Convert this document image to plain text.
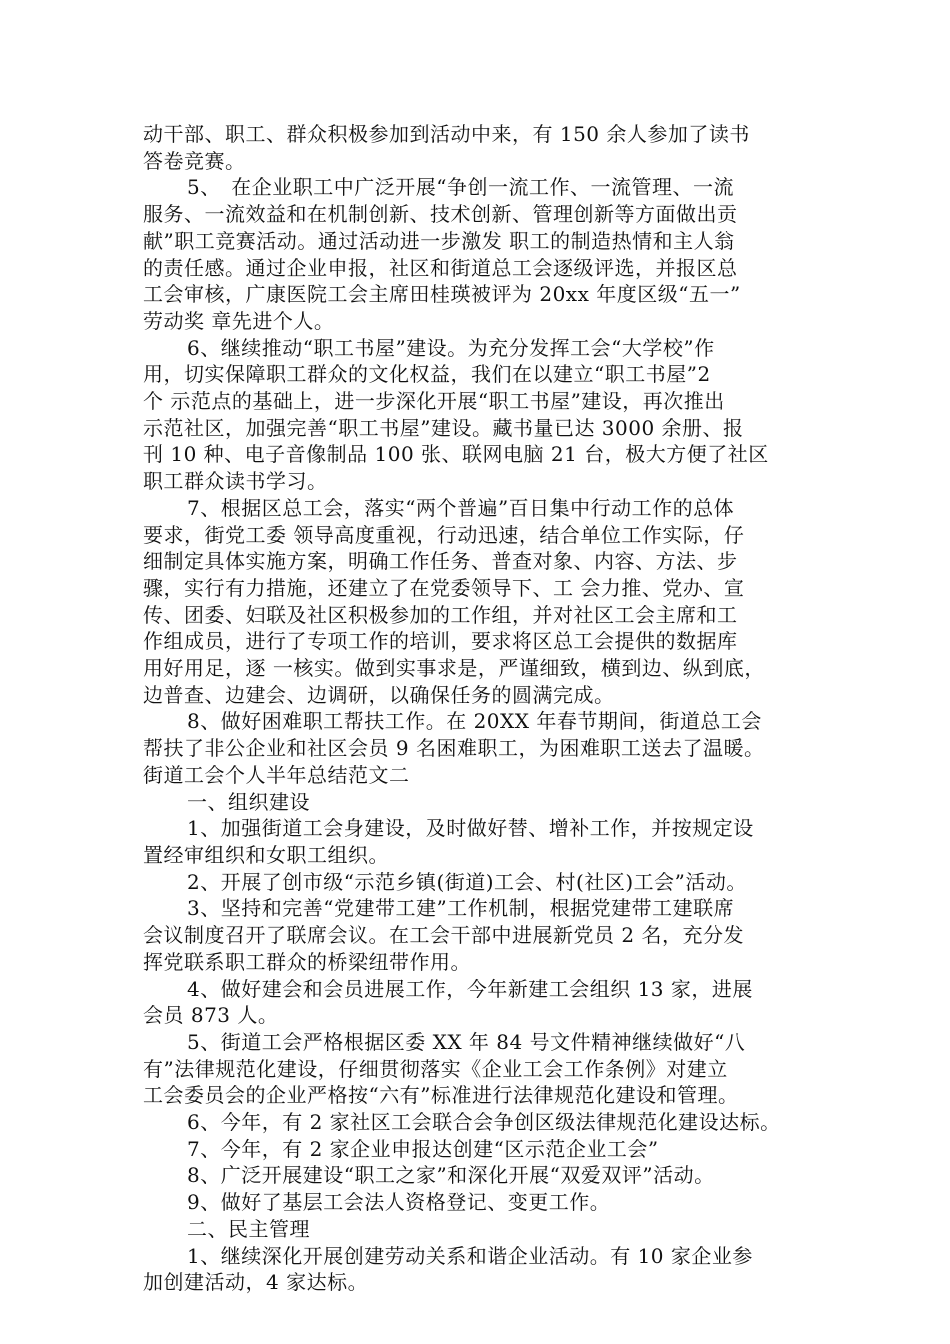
动干部、职工、群众积极参加到活动中来，有 150 余人参加了读书
答卷竞赛。

5、　在企业职工中广泛开展“争创一流工作、一流管理、一流
服务、一流效益和在机制创新、技术创新、管理创新等方面做出贡
献”职工竞赛活动。通过活动进一步激发 职工的制造热情和主人翁
的责任感。通过企业申报，社区和街道总工会逐级评选，并报区总
工会审核，广康医院工会主席田桂瑛被评为 20xx 年度区级“五一”
劳动奖 章先进个人。

6、继续推动“职工书屋”建设。为充分发挥工会“大学校”作
用，切实保障职工群众的文化权益，我们在以建立“职工书屋”2
个 示范点的基础上，进一步深化开展“职工书屋”建设，再次推出
示范社区，加强完善“职工书屋”建设。藏书量已达 3000 余册、报
刊 10 种、电子音像制品 100 张、联网电脑 21 台，极大方便了社区
职工群众读书学习。

7、根据区总工会，落实“两个普遍”百日集中行动工作的总体
要求，街党工委 领导高度重视，行动迅速，结合单位工作实际，仔
细制定具体实施方案，明确工作任务、普查对象、内容、方法、步
骤，实行有力措施，还建立了在党委领导下、工 会力推、党办、宣
传、团委、妇联及社区积极参加的工作组，并对社区工会主席和工
作组成员，进行了专项工作的培训，要求将区总工会提供的数据库
用好用足，逐 一核实。做到实事求是，严谨细致，横到边、纵到底，
边普查、边建会、边调研，以确保任务的圆满完成。

8、做好困难职工帮扶工作。在 20XX 年春节期间，街道总工会
帮扶了非公企业和社区会员 9 名困难职工，为困难职工送去了温暖。

街道工会个人半年总结范文二

一、组织建设

1、加强街道工会身建设，及时做好替、增补工作，并按规定设
置经审组织和女职工组织。

2、开展了创市级“示范乡镇(街道)工会、村(社区)工会”活动。

3、坚持和完善“党建带工建”工作机制，根据党建带工建联席
会议制度召开了联席会议。在工会干部中进展新党员 2 名，充分发
挥党联系职工群众的桥梁纽带作用。

4、做好建会和会员进展工作，今年新建工会组织 13 家，进展
会员 873 人。

5、街道工会严格根据区委 XX 年 84 号文件精神继续做好“八
有”法律规范化建设，仔细贯彻落实《企业工会工作条例》对建立
工会委员会的企业严格按“六有”标准进行法律规范化建设和管理。

6、今年，有 2 家社区工会联合会争创区级法律规范化建设达标。

7、今年，有 2 家企业申报达创建“区示范企业工会”

8、广泛开展建设“职工之家”和深化开展“双爱双评”活动。

9、做好了基层工会法人资格登记、变更工作。

二、民主管理

1、继续深化开展创建劳动关系和谐企业活动。有 10 家企业参
加创建活动，4 家达标。
